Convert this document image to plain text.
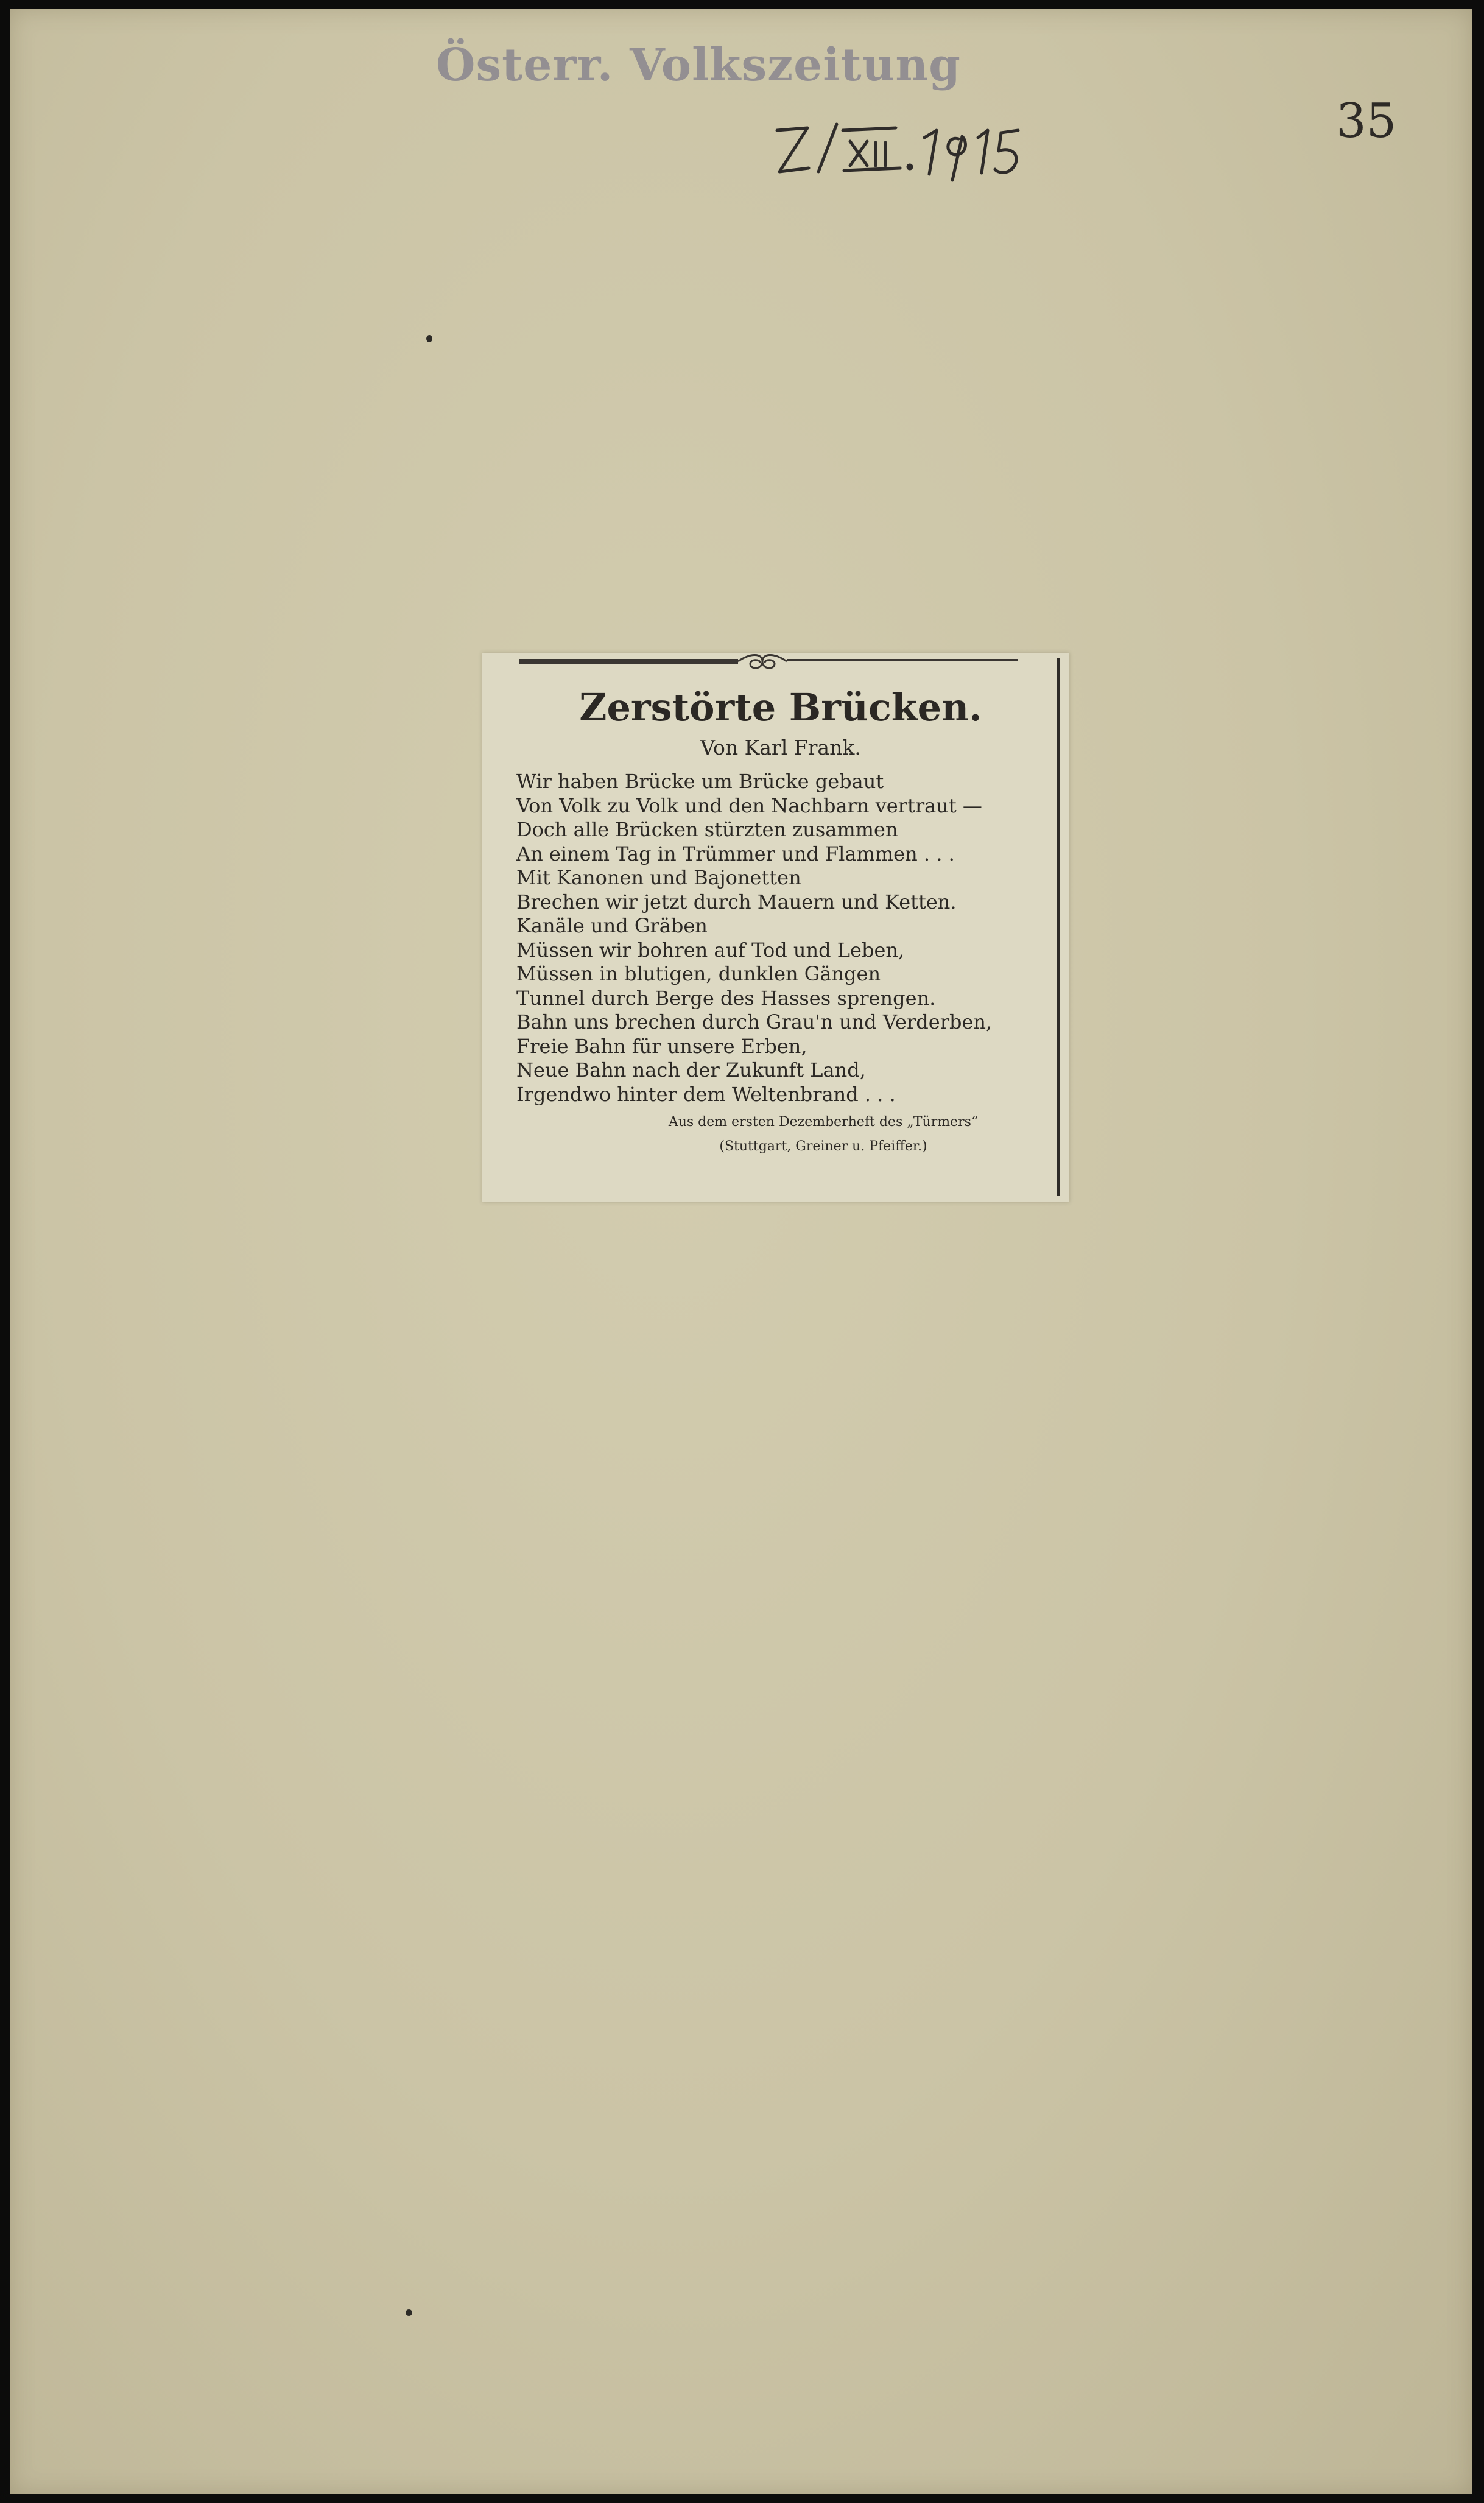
Österr. Volkszeitung
35
Zerstörte Brücken.
Von Karl Frank.
Wir haben Brücke um Brücke gebaut
Von Volk zu Volk und den Nachbarn vertraut —
Doch alle Brücken stürzten zusammen
An einem Tag in Trümmer und Flammen . . .
Mit Kanonen und Bajonetten
Brechen wir jetzt durch Mauern und Ketten.
Kanäle und Gräben
Müssen wir bohren auf Tod und Leben,
Müssen in blutigen, dunklen Gängen
Tunnel durch Berge des Hasses sprengen.
Bahn uns brechen durch Grau'n und Verderben,
Freie Bahn für unsere Erben,
Neue Bahn nach der Zukunft Land,
Irgendwo hinter dem Weltenbrand . . .
Aus dem ersten Dezemberheft des „Türmers“
(Stuttgart, Greiner u. Pfeiffer.)
